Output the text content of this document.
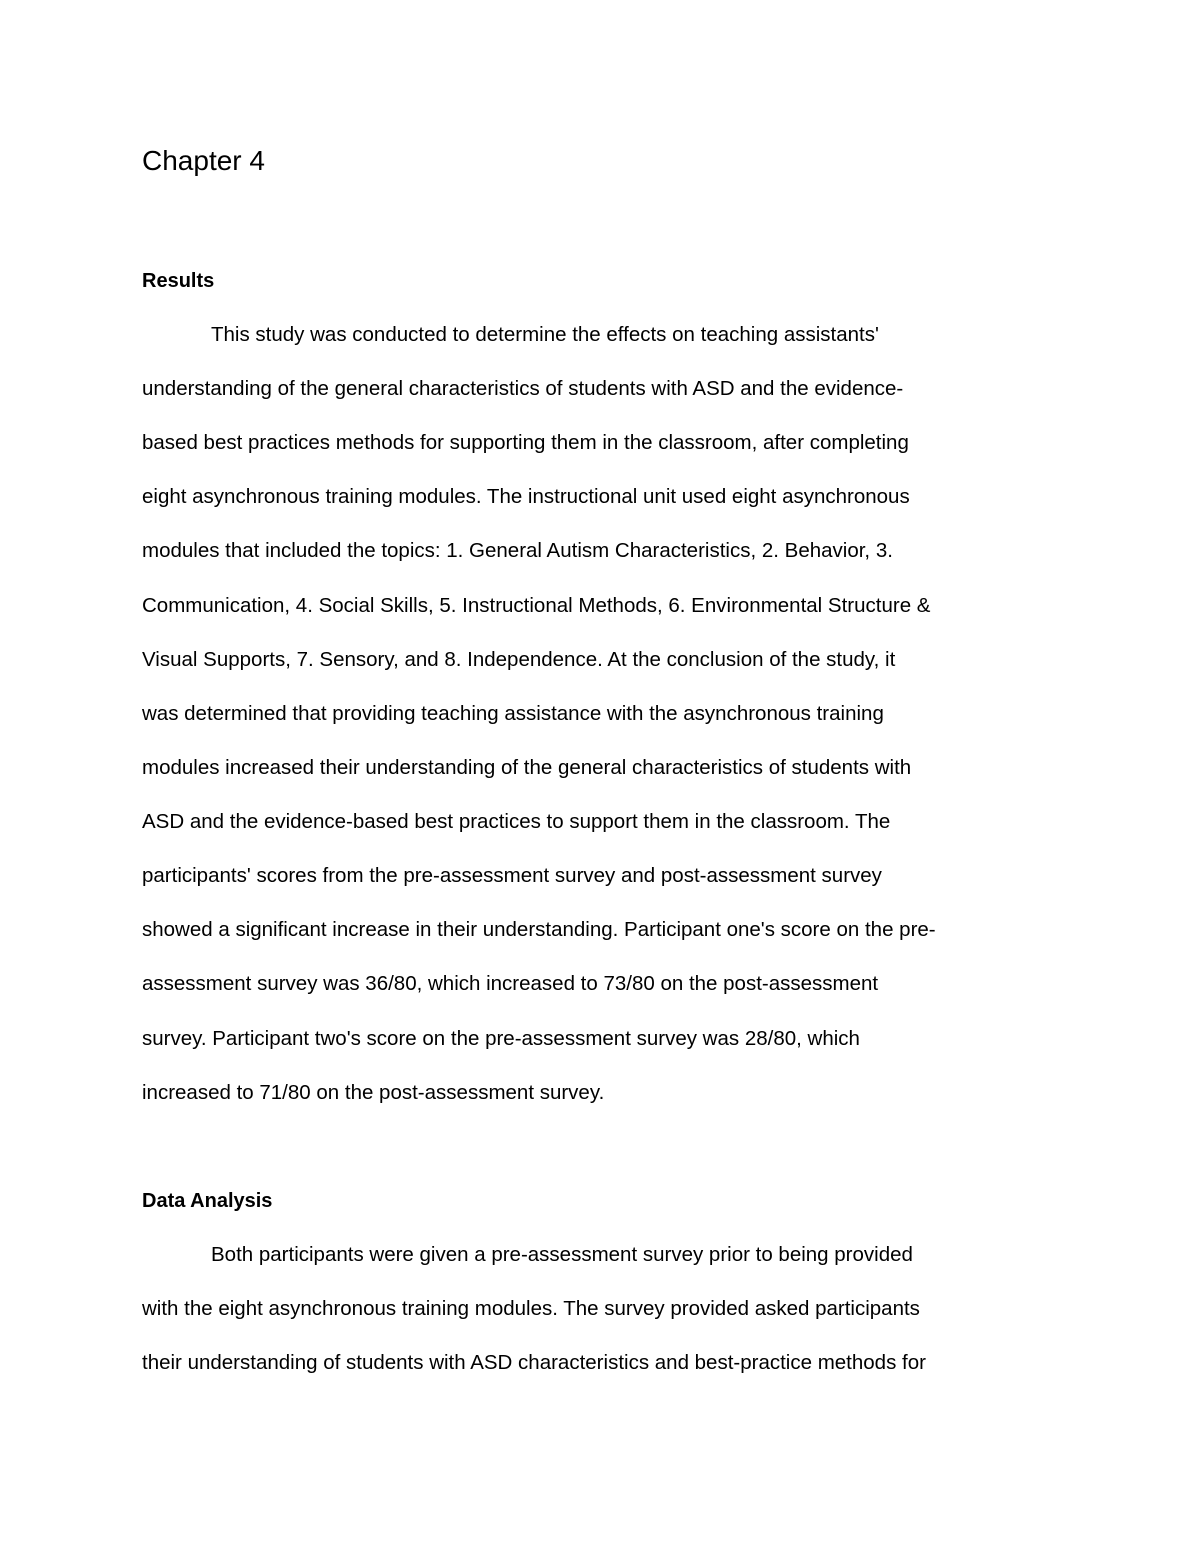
Chapter 4
Results

This study was conducted to determine the effects on teaching assistants'

understanding of the general characteristics of students with ASD and the evidence-

based best practices methods for supporting them in the classroom, after completing

eight asynchronous training modules. The instructional unit used eight asynchronous

modules that included the topics: 1. General Autism Characteristics, 2. Behavior, 3.

Communication, 4. Social Skills, 5. Instructional Methods, 6. Environmental Structure &

Visual Supports, 7. Sensory, and 8. Independence. At the conclusion of the study, it

was determined that providing teaching assistance with the asynchronous training

modules increased their understanding of the general characteristics of students with

ASD and the evidence-based best practices to support them in the classroom. The

participants' scores from the pre-assessment survey and post-assessment survey

showed a significant increase in their understanding. Participant one's score on the pre-

assessment survey was 36/80, which increased to 73/80 on the post-assessment

survey. Participant two's score on the pre-assessment survey was 28/80, which

increased to 71/80 on the post-assessment survey.

Data Analysis

Both participants were given a pre-assessment survey prior to being provided

with the eight asynchronous training modules. The survey provided asked participants

their understanding of students with ASD characteristics and best-practice methods for
